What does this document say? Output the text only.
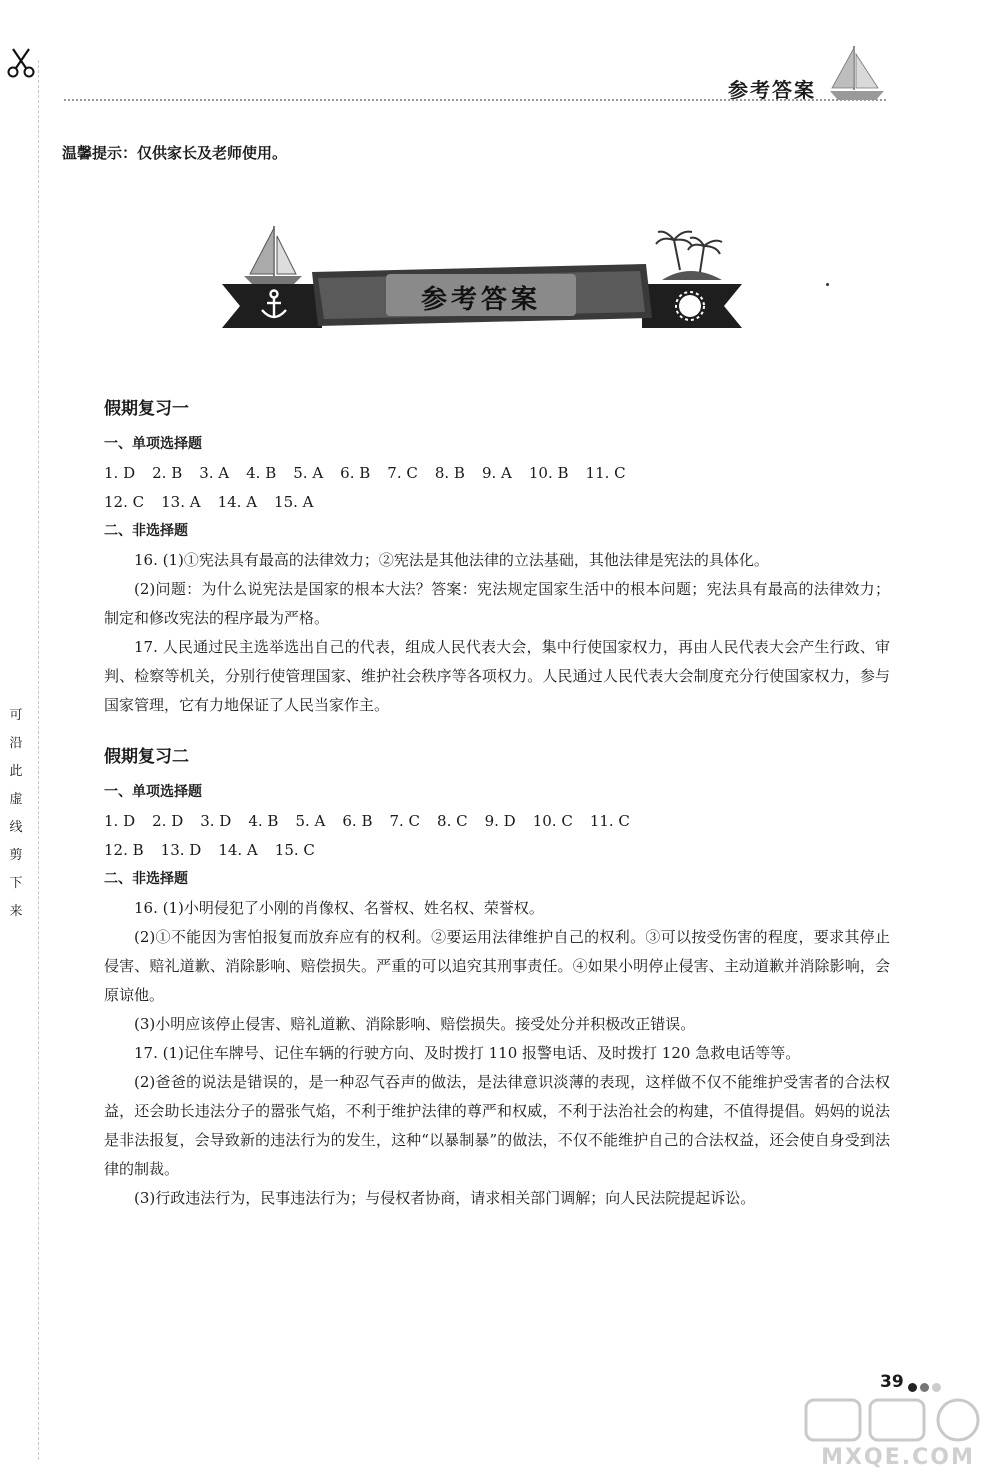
可
沿
此
虚
线
剪
下
来
参考答案
温馨提示：仅供家长及老师使用。
参考答案
假期复习一
一、单项选择题
1. D 2. B 3. A 4. B 5. A 6. B 7. C 8. B 9. A 10. B 11. C
12. C 13. A 14. A 15. A
二、非选择题

16. (1)①宪法具有最高的法律效力；②宪法是其他法律的立法基础，其他法律是宪法的具体化。

(2)问题：为什么说宪法是国家的根本大法？答案：宪法规定国家生活中的根本问题；宪法具有最高的法律效力；制定和修改宪法的程序最为严格。

17. 人民通过民主选举选出自己的代表，组成人民代表大会，集中行使国家权力，再由人民代表大会产生行政、审判、检察等机关，分别行使管理国家、维护社会秩序等各项权力。人民通过人民代表大会制度充分行使国家权力，参与国家管理，它有力地保证了人民当家作主。

假期复习二
一、单项选择题
1. D 2. D 3. D 4. B 5. A 6. B 7. C 8. C 9. D 10. C 11. C
12. B 13. D 14. A 15. C
二、非选择题

16. (1)小明侵犯了小刚的肖像权、名誉权、姓名权、荣誉权。

(2)①不能因为害怕报复而放弃应有的权利。②要运用法律维护自己的权利。③可以按受伤害的程度，要求其停止侵害、赔礼道歉、消除影响、赔偿损失。严重的可以追究其刑事责任。④如果小明停止侵害、主动道歉并消除影响，会原谅他。

(3)小明应该停止侵害、赔礼道歉、消除影响、赔偿损失。接受处分并积极改正错误。

17. (1)记住车牌号、记住车辆的行驶方向、及时拨打 110 报警电话、及时拨打 120 急救电话等等。

(2)爸爸的说法是错误的，是一种忍气吞声的做法，是法律意识淡薄的表现，这样做不仅不能维护受害者的合法权益，还会助长违法分子的嚣张气焰，不利于维护法律的尊严和权威，不利于法治社会的构建，不值得提倡。妈妈的说法是非法报复，会导致新的违法行为的发生，这种“以暴制暴”的做法，不仅不能维护自己的合法权益，还会使自身受到法律的制裁。

(3)行政违法行为，民事违法行为；与侵权者协商，请求相关部门调解；向人民法院提起诉讼。

39
MXQE.COM
